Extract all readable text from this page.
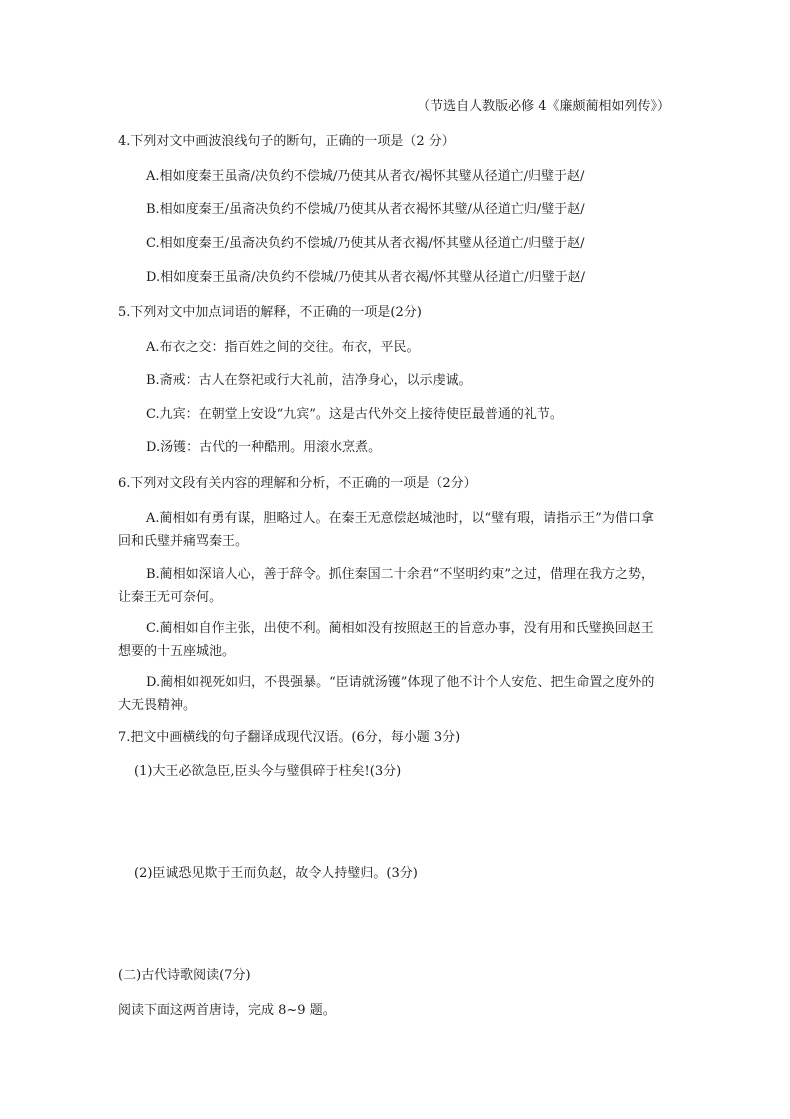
（节选自人教版必修 4《廉颇蔺相如列传》）
4.下列对文中画波浪线句子的断句，正确的一项是（2 分）
A.相如度秦王虽斋/决负约不偿城/乃使其从者衣/褐怀其璧从径道亡/归璧于赵/
B.相如度秦王/虽斋决负约不偿城/乃使其从者衣褐怀其璧/从径道亡归/璧于赵/
C.相如度秦王/虽斋决负约不偿城/乃使其从者衣褐/怀其璧从径道亡/归璧于赵/
D.相如度秦王虽斋/决负约不偿城/乃使其从者衣褐/怀其璧从径道亡/归璧于赵/
5.下列对文中加点词语的解释，不正确的一项是(2分)
A.布衣之交：指百姓之间的交往。布衣，平民。
B.斋戒：古人在祭祀或行大礼前，洁净身心，以示虔诚。
C.九宾：在朝堂上安设“九宾”。这是古代外交上接待使臣最普通的礼节。
D.汤镬：古代的一种酷刑。用滚水烹煮。
6.下列对文段有关内容的理解和分析，不正确的一项是（2分）
A.蔺相如有勇有谋，胆略过人。在秦王无意偿赵城池时，以“璧有瑕，请指示王”为借口拿回和氏璧并痛骂秦王。
B.蔺相如深谙人心，善于辞令。抓住秦国二十余君“不坚明约束”之过，借理在我方之势，让秦王无可奈何。
C.蔺相如自作主张，出使不利。蔺相如没有按照赵王的旨意办事，没有用和氏璧换回赵王想要的十五座城池。
D.蔺相如视死如归，不畏强暴。“臣请就汤镬”体现了他不计个人安危、把生命置之度外的大无畏精神。
7.把文中画横线的句子翻译成现代汉语。(6分，每小题 3分)
(1)大王必欲急臣,臣头今与璧俱碎于柱矣!(3分)
(2)臣诚恐见欺于王而负赵，故令人持璧归。(3分)
(二)古代诗歌阅读(7分)
阅读下面这两首唐诗，完成 8~9 题。
